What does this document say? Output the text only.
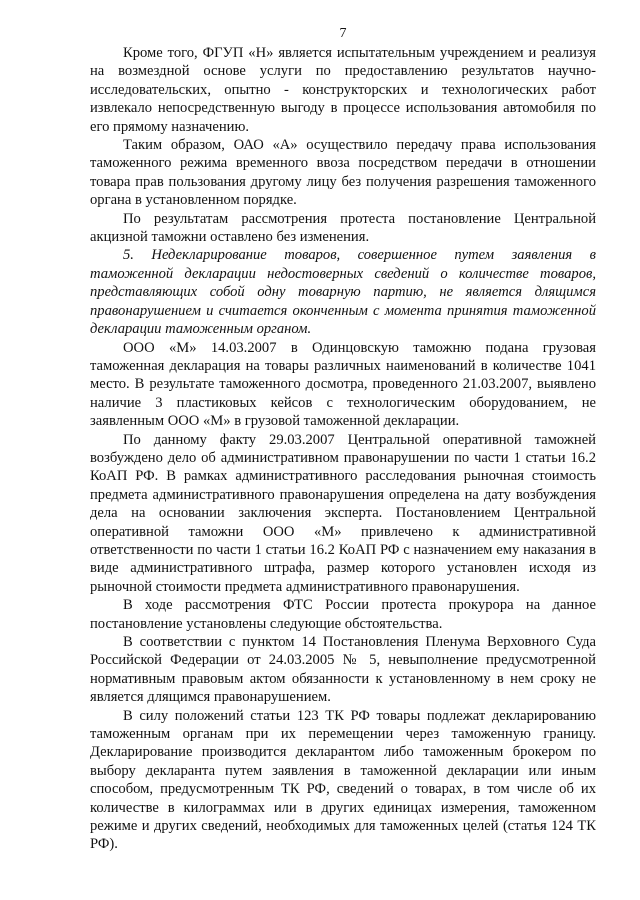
7

Кроме того, ФГУП «Н» является испытательным учреждением и реализуя на возмездной основе услуги по предоставлению результатов научно-исследовательских, опытно - конструкторских и технологических работ извлекало непосредственную выгоду в процессе использования автомобиля по его прямому назначению.

Таким образом, ОАО «А» осуществило передачу права использования таможенного режима временного ввоза посредством передачи в отношении товара прав пользования другому лицу без получения разрешения таможенного органа в установленном порядке.

По результатам рассмотрения протеста постановление Центральной акцизной таможни оставлено без изменения.

5. Недекларирование товаров, совершенное путем заявления в таможенной декларации недостоверных сведений о количестве товаров, представляющих собой одну товарную партию, не является длящимся правонарушением и считается оконченным с момента принятия таможенной декларации таможенным органом.

ООО «М» 14.03.2007 в Одинцовскую таможню подана грузовая таможенная декларация на товары различных наименований в количестве 1041 место. В результате таможенного досмотра, проведенного 21.03.2007, выявлено наличие 3 пластиковых кейсов с технологическим оборудованием, не заявленным ООО «М» в грузовой таможенной декларации.

По данному факту 29.03.2007 Центральной оперативной таможней возбуждено дело об административном правонарушении по части 1 статьи 16.2 КоАП РФ. В рамках административного расследования рыночная стоимость предмета административного правонарушения определена на дату возбуждения дела на основании заключения эксперта. Постановлением Центральной оперативной таможни ООО «М» привлечено к административной ответственности по части 1 статьи 16.2 КоАП РФ с назначением ему наказания в виде административного штрафа, размер которого установлен исходя из рыночной стоимости предмета административного правонарушения.

В ходе рассмотрения ФТС России протеста прокурора на данное постановление установлены следующие обстоятельства.

В соответствии с пунктом 14 Постановления Пленума Верховного Суда Российской Федерации от 24.03.2005 № 5, невыполнение предусмотренной нормативным правовым актом обязанности к установленному в нем сроку не является длящимся правонарушением.

В силу положений статьи 123 ТК РФ товары подлежат декларированию таможенным органам при их перемещении через таможенную границу. Декларирование производится декларантом либо таможенным брокером по выбору декларанта путем заявления в таможенной декларации или иным способом, предусмотренным ТК РФ, сведений о товарах, в том числе об их количестве в килограммах или в других единицах измерения, таможенном режиме и других сведений, необходимых для таможенных целей (статья 124 ТК РФ).
